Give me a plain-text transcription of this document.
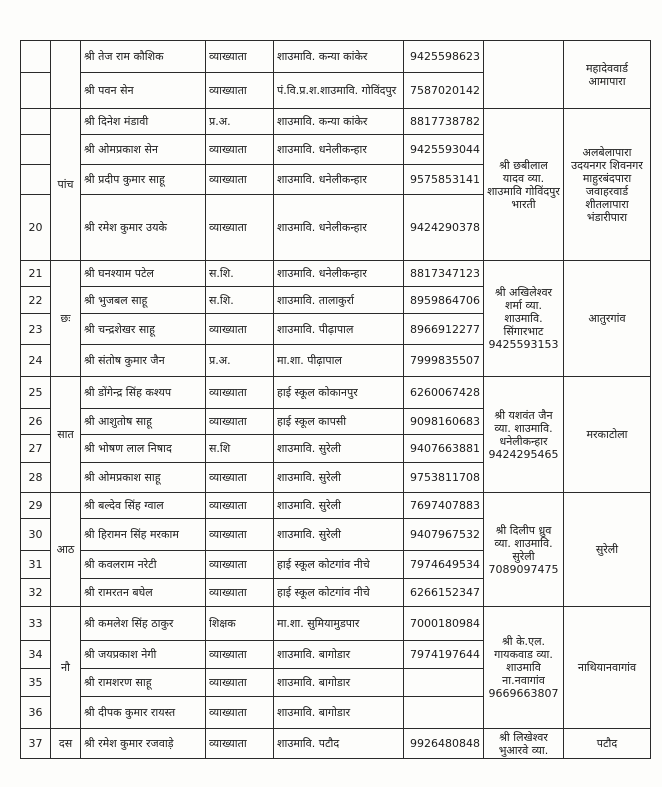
		श्री तेज राम कौशिक	व्याख्याता	शाउमावि. कन्या कांकेर	9425598623		महादेववार्ड आमापारा
		श्री पवन सेन	व्याख्याता	पं.वि.प्र.श.शाउमावि. गोविंदपुर	7587020142		
	पांच	श्री दिनेश मंडावी	प्र.अ.	शाउमावि. कन्या कांकेर	8817738782	श्री छबीलाल यादव व्या. शाउमावि गोविंदपुर भारती	अलबेलापारा उदयनगर शिवनगर माहुरबंदपारा जवाहरवार्ड शीतलापारा भंडारीपारा
		श्री ओमप्रकाश सेन	व्याख्याता	शाउमावि. धनेलीकन्हार	9425593044		
		श्री प्रदीप कुमार साहू	व्याख्याता	शाउमावि. धनेलीकन्हार	9575853141		
20		श्री रमेश कुमार उयके	व्याख्याता	शाउमावि. धनेलीकन्हार	9424290378		
21	छः	श्री घनश्याम पटेल	स.शि.	शाउमावि. धनेलीकन्हार	8817347123	श्री अखिलेश्वर शर्मा व्या. शाउमावि. सिंगारभाट 9425593153	आतुरगांव
22		श्री भुजबल साहू	स.शि.	शाउमावि. तालाकुर्रा	8959864706		
23		श्री चन्द्रशेखर साहू	व्याख्याता	शाउमावि. पीढ़ापाल	8966912277		
24		श्री संतोष कुमार जैन	प्र.अ.	मा.शा. पीढ़ापाल	7999835507		
25	सात	श्री डोंगेन्द्र सिंह कश्यप	व्याख्याता	हाई स्कूल कोकानपुर	6260067428	श्री यशवंत जैन व्या. शाउमावि. धनेलीकन्हार 9424295465	मरकाटोला
26		श्री आशुतोष साहू	व्याख्याता	हाई स्कूल कापसी	9098160683		
27		श्री भोषण लाल निषाद	स.शि	शाउमावि. सुरेली	9407663881		
28		श्री ओमप्रकाश साहू	व्याख्याता	शाउमावि. सुरेली	9753811708		
29	आठ	श्री बल्देव सिंह ग्वाल	व्याख्याता	शाउमावि. सुरेली	7697407883	श्री दिलीप ध्रुव व्या. शाउमावि. सुरेली 7089097475	सुरेली
30		श्री हिरामन सिंह मरकाम	व्याख्याता	शाउमावि. सुरेली	9407967532		
31		श्री कवलराम नरेटी	व्याख्याता	हाई स्कूल कोटगांव नीचे	7974649534		
32		श्री रामरतन बघेल	व्याख्याता	हाई स्कूल कोटगांव नीचे	6266152347		
33	नौ	श्री कमलेश सिंह ठाकुर	शिक्षक	मा.शा. सुमियामुडपार	7000180984	श्री के.एल. गायकवाड व्या. शाउमावि ना.नवागांव 9669663807	नाथियानवागांव
34		श्री जयप्रकाश नेगी	व्याख्याता	शाउमावि. बागोडार	7974197644		
35		श्री रामशरण साहू	व्याख्याता	शाउमावि. बागोडार			
36		श्री दीपक कुमार रायस्त	व्याख्याता	शाउमावि. बागोडार			
37	दस	श्री रमेश कुमार रजवाड़े	व्याख्याता	शाउमावि. पटौद	9926480848	श्री लिखेश्वर भुआरवे व्या.	पटौद
